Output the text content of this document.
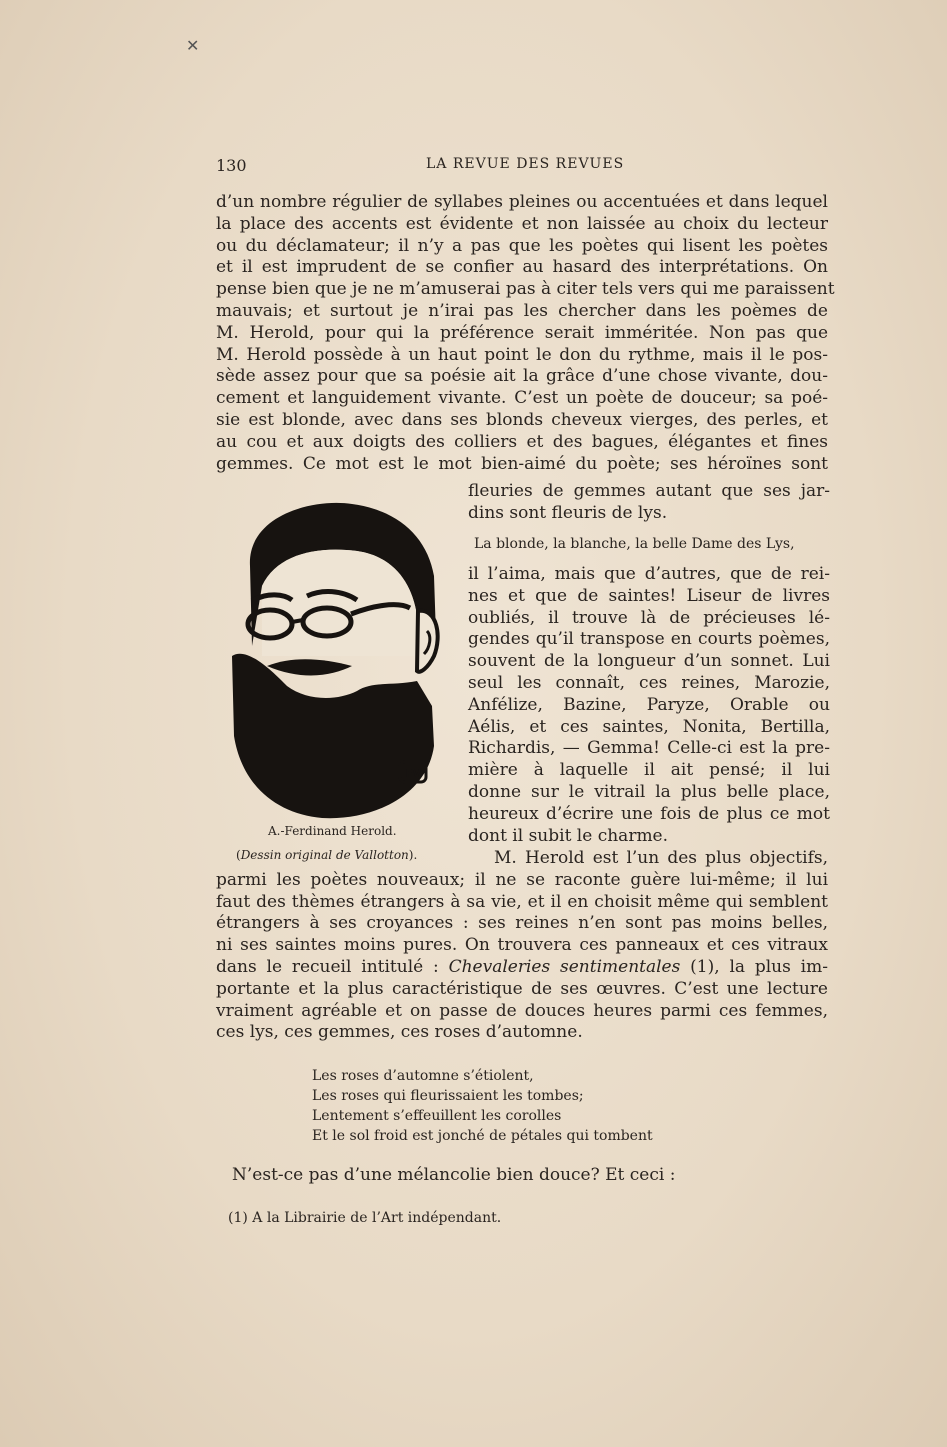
✕
130	LA REVUE DES REVUES

d’un nombre régulier de syllabes pleines ou accentuées et dans lequel
la place des accents est évidente et non laissée au choix du lecteur
ou du déclamateur; il n’y a pas que les poètes qui lisent les poètes
et il est imprudent de se confier au hasard des interprétations. On
pense bien que je ne m’amuserai pas à citer tels vers qui me paraissent
mauvais; et surtout je n’irai pas les chercher dans les poèmes de
M. Herold, pour qui la préférence serait imméritée. Non pas que
M. Herold possède à un haut point le don du rythme, mais il le pos-
sède assez pour que sa poésie ait la grâce d’une chose vivante, dou-
cement et languidement vivante. C’est un poète de douceur; sa poé-
sie est blonde, avec dans ses blonds cheveux vierges, des perles, et
au cou et aux doigts des colliers et des bagues, élégantes et fines
gemmes. Ce mot est le mot bien-aimé du poète; ses héroïnes sont

fleuries de gemmes autant que ses jar-
dins sont fleuris de lys.

La blonde, la blanche, la belle Dame des Lys,

il l’aima, mais que d’autres, que de rei-
nes et que de saintes! Liseur de livres
oubliés, il trouve là de précieuses lé-
gendes qu’il transpose en courts poèmes,
souvent de la longueur d’un sonnet. Lui
seul les connaît, ces reines, Marozie,
Anfélize, Bazine, Paryze, Orable ou
Aélis, et ces saintes, Nonita, Bertilla,
Richardis, — Gemma! Celle-ci est la pre-
mière à laquelle il ait pensé; il lui
donne sur le vitrail la plus belle place,
heureux d’écrire une fois de plus ce mot
dont il subit le charme.

FV
A.-Ferdinand Herold.
(Dessin original de Vallotton).	M. Herold est l’un des plus objectifs,
parmi les poètes nouveaux; il ne se raconte guère lui-même; il lui
faut des thèmes étrangers à sa vie, et il en choisit même qui semblent
étrangers à ses croyances : ses reines n’en sont pas moins belles,
ni ses saintes moins pures. On trouvera ces panneaux et ces vitraux
dans le recueil intitulé : Chevaleries sentimentales (1), la plus im-
portante et la plus caractéristique de ses œuvres. C’est une lecture
vraiment agréable et on passe de douces heures parmi ces femmes,
ces lys, ces gemmes, ces roses d’automne.

Les roses d’automne s’étiolent,
Les roses qui fleurissaient les tombes;
Lentement s’effeuillent les corolles
Et le sol froid est jonché de pétales qui tombent
N’est-ce pas d’une mélancolie bien douce? Et ceci :
(1) A la Librairie de l’Art indépendant.
